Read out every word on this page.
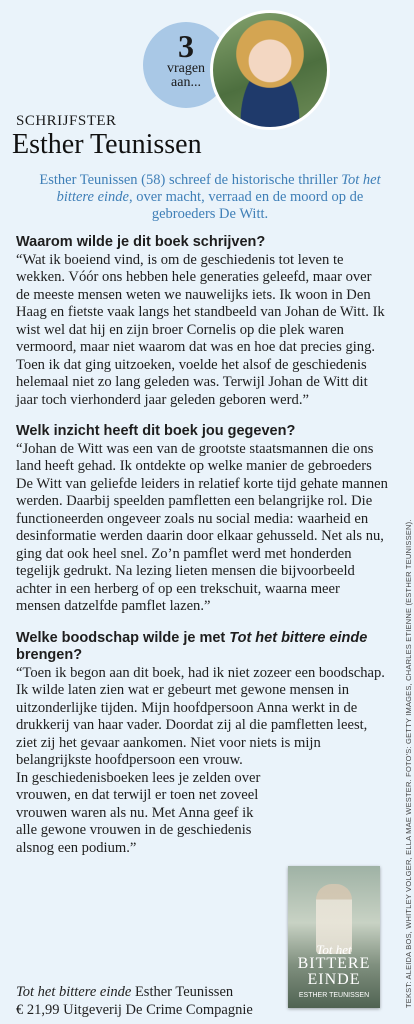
3
vragen
aan...
SCHRIJFSTER
Esther Teunissen
Esther Teunissen (58) schreef de historische thriller Tot het bittere einde, over macht, verraad en de moord op de gebroeders De Witt.
Waarom wilde je dit boek schrijven?
“Wat ik boeiend vind, is om de geschiedenis tot leven te wekken. Vóór ons hebben hele generaties geleefd, maar over de meeste mensen weten we nauwelijks iets. Ik woon in Den Haag en fietste vaak langs het standbeeld van Johan de Witt. Ik wist wel dat hij en zijn broer Cornelis op die plek waren vermoord, maar niet waarom dat was en hoe dat precies ging. Toen ik dat ging uitzoeken, voelde het alsof de geschiedenis helemaal niet zo lang geleden was. Terwijl Johan de Witt dit jaar toch vierhonderd jaar geleden geboren werd.”
Welk inzicht heeft dit boek jou gegeven?
“Johan de Witt was een van de grootste staatsmannen die ons land heeft gehad. Ik ontdekte op welke manier de gebroeders De Witt van geliefde leiders in relatief korte tijd gehate mannen werden. Daarbij speelden pamfletten een belangrijke rol. Die functioneerden ongeveer zoals nu social media: waarheid en desinformatie werden daarin door elkaar gehusseld. Net als nu, ging dat ook heel snel. Zo’n pamflet werd met honderden tegelijk gedrukt. Na lezing lieten mensen die bijvoorbeeld achter in een herberg of op een trekschuit, waarna meer mensen datzelfde pamflet lazen.”
Welke boodschap wilde je met Tot het bittere einde brengen?

“Toen ik begon aan dit boek, had ik niet zozeer een boodschap. Ik wilde laten zien wat er gebeurt met gewone mensen in uitzonderlijke tijden. Mijn hoofdpersoon Anna werkt in de drukkerij van haar vader. Doordat zij al die pamfletten leest, ziet zij het gevaar aankomen. Niet voor niets is mijn belangrijkste hoofdpersoon een vrouw.

In geschiedenisboeken lees je zelden over vrouwen, en dat terwijl er toen net zoveel vrouwen waren als nu. Met Anna geef ik alle gewone vrouwen in de geschiedenis alsnog een podium.”

Tot het
BITTERE EINDE
ESTHER TEUNISSEN
Tot het bittere einde Esther Teunissen
€ 21,99 Uitgeverij De Crime Compagnie
TEKST: ALEIDA BOS, WHITLEY VOLGER, ELLA MAE WESTER. FOTO'S: GETTY IMAGES, CHARLES ETIENNE (ESTHER TEUNISSEN).
